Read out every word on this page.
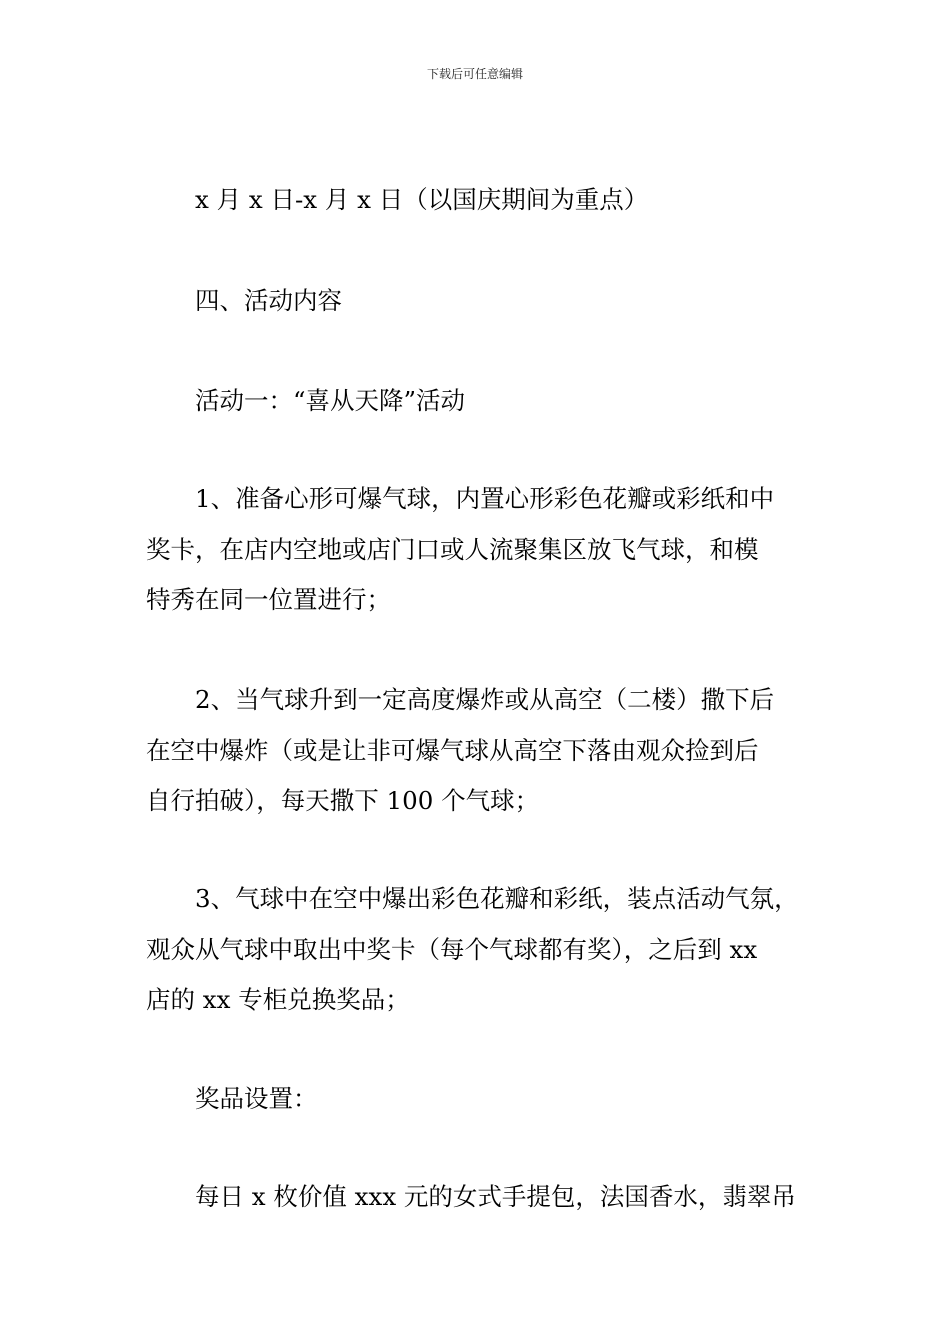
下载后可任意编辑
x 月 x 日-x 月 x 日（以国庆期间为重点）
四、活动内容
活动一：“喜从天降”活动
1、准备心形可爆气球，内置心形彩色花瓣或彩纸和中
奖卡，在店内空地或店门口或人流聚集区放飞气球，和模
特秀在同一位置进行；
2、当气球升到一定高度爆炸或从高空（二楼）撒下后
在空中爆炸（或是让非可爆气球从高空下落由观众捡到后
自行拍破），每天撒下 100 个气球；
3、气球中在空中爆出彩色花瓣和彩纸，装点活动气氛，
观众从气球中取出中奖卡（每个气球都有奖），之后到 xx
店的 xx 专柜兑换奖品；
奖品设置：
每日 x 枚价值 xxx 元的女式手提包，法国香水，翡翠吊
